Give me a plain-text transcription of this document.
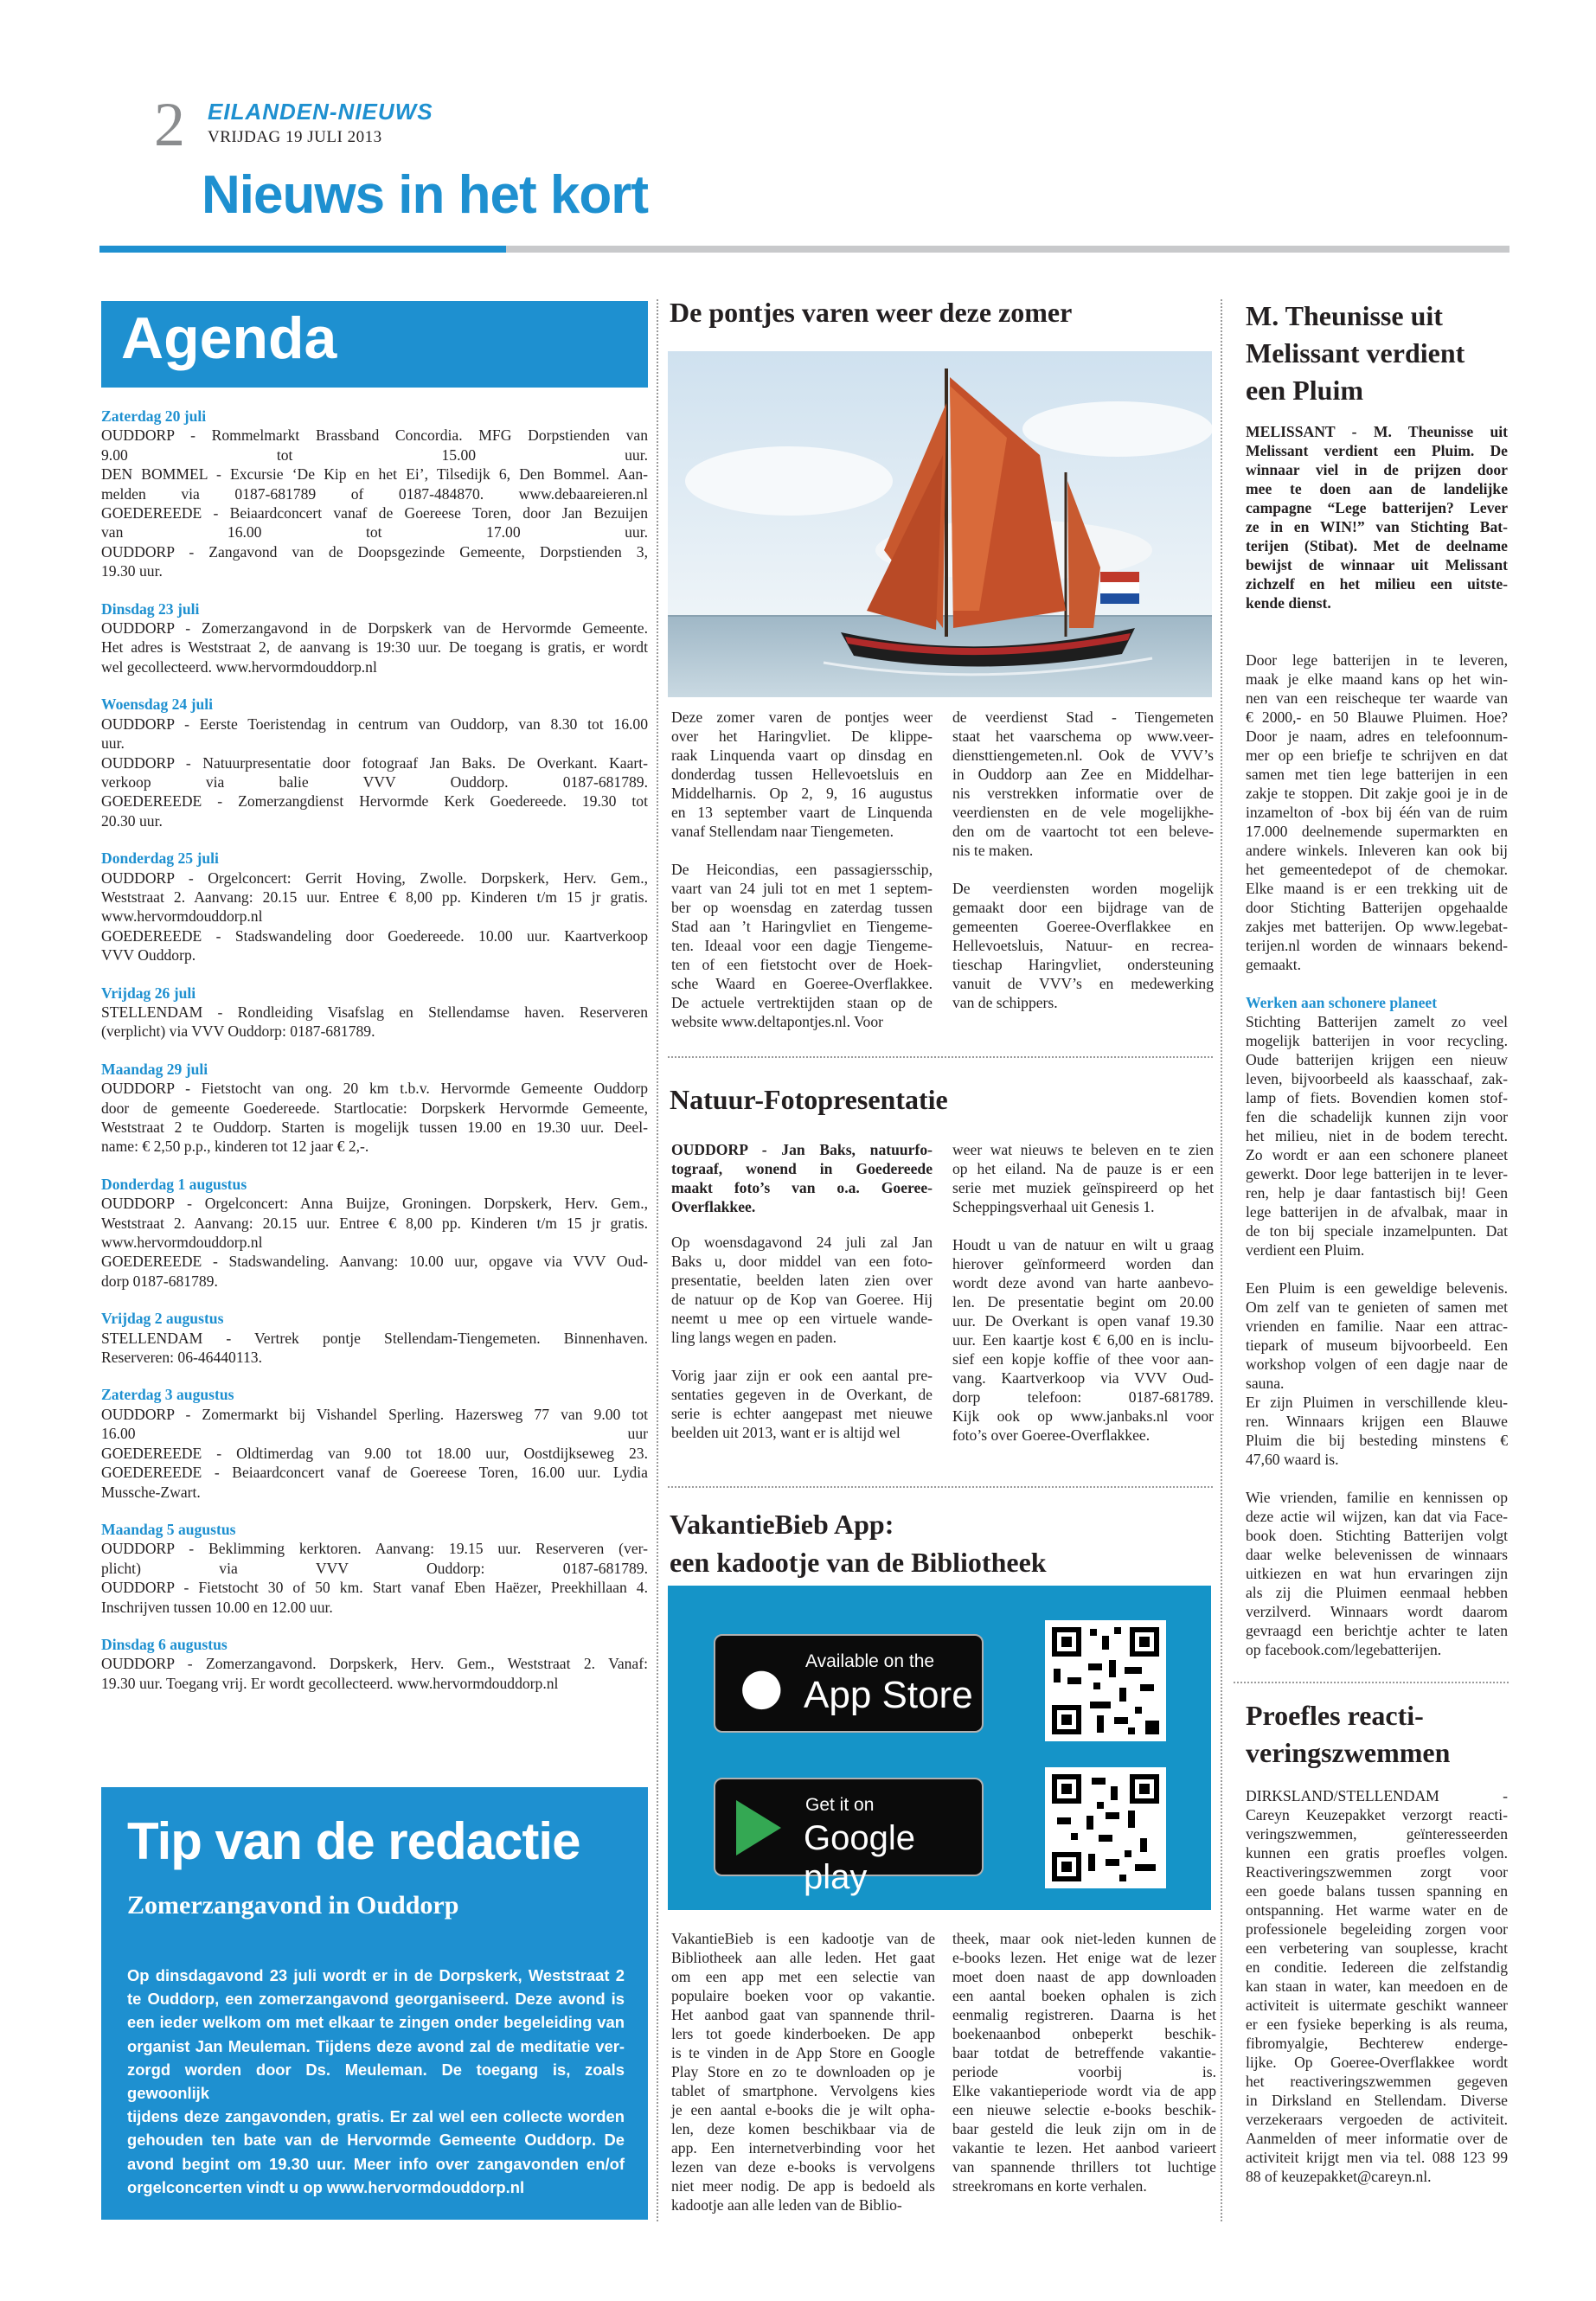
2 EILANDEN-NIEUWS
VRIJDAG 19 JULI 2013
Nieuws in het kort
Agenda
Zaterdag 20 juli
OUDDORP - Rommelmarkt Brassband Concordia. MFG Dorpstienden van
9.00 tot 15.00 uur.
DEN BOMMEL - Excursie ‘De Kip en het Ei’, Tilsedijk 6, Den Bommel. Aan-
melden via 0187-681789 of 0187-484870. www.debaareieren.nl
GOEDEREEDE - Beiaardconcert vanaf de Goereese Toren, door Jan Bezuijen
van 16.00 tot 17.00 uur.
OUDDORP - Zangavond van de Doopsgezinde Gemeente, Dorpstienden 3,
19.30 uur.
Dinsdag 23 juli
OUDDORP - Zomerzangavond in de Dorpskerk van de Hervormde Gemeente.
Het adres is Weststraat 2, de aanvang is 19:30 uur. De toegang is gratis, er wordt
wel gecollecteerd. www.hervormdouddorp.nl
Woensdag 24 juli
OUDDORP - Eerste Toeristendag in centrum van Ouddorp, van 8.30 tot 16.00
uur.
OUDDORP - Natuurpresentatie door fotograaf Jan Baks. De Overkant. Kaart-
verkoop via balie VVV Ouddorp. 0187-681789.
GOEDEREEDE - Zomerzangdienst Hervormde Kerk Goedereede. 19.30 tot
20.30 uur.
Donderdag 25 juli
OUDDORP - Orgelconcert: Gerrit Hoving, Zwolle. Dorpskerk, Herv. Gem.,
Weststraat 2. Aanvang: 20.15 uur. Entree € 8,00 pp. Kinderen t/m 15 jr gratis.
www.hervormdouddorp.nl
GOEDEREEDE - Stadswandeling door Goedereede. 10.00 uur. Kaartverkoop
VVV Ouddorp.
Vrijdag 26 juli
STELLENDAM - Rondleiding Visafslag en Stellendamse haven. Reserveren
(verplicht) via VVV Ouddorp: 0187-681789.
Maandag 29 juli
OUDDORP - Fietstocht van ong. 20 km t.b.v. Hervormde Gemeente Ouddorp
door de gemeente Goedereede. Startlocatie: Dorpskerk Hervormde Gemeente,
Weststraat 2 te Ouddorp. Starten is mogelijk tussen 19.00 en 19.30 uur. Deel-
name: € 2,50 p.p., kinderen tot 12 jaar € 2,-.
Donderdag 1 augustus
OUDDORP - Orgelconcert: Anna Buijze, Groningen. Dorpskerk, Herv. Gem.,
Weststraat 2. Aanvang: 20.15 uur. Entree € 8,00 pp. Kinderen t/m 15 jr gratis.
www.hervormdouddorp.nl
GOEDEREEDE - Stadswandeling. Aanvang: 10.00 uur, opgave via VVV Oud-
dorp 0187-681789.
Vrijdag 2 augustus
STELLENDAM - Vertrek pontje Stellendam-Tiengemeten. Binnenhaven.
Reserveren: 06-46440113.
Zaterdag 3 augustus
OUDDORP - Zomermarkt bij Vishandel Sperling. Hazersweg 77 van 9.00 tot
16.00 uur
GOEDEREEDE - Oldtimerdag van 9.00 tot 18.00 uur, Oostdijkseweg 23.
GOEDEREEDE - Beiaardconcert vanaf de Goereese Toren, 16.00 uur. Lydia
Mussche-Zwart.
Maandag 5 augustus
OUDDORP - Beklimming kerktoren. Aanvang: 19.15 uur. Reserveren (ver-
plicht) via VVV Ouddorp: 0187-681789.
OUDDORP - Fietstocht 30 of 50 km. Start vanaf Eben Haëzer, Preekhillaan 4.
Inschrijven tussen 10.00 en 12.00 uur.
Dinsdag 6 augustus
OUDDORP - Zomerzangavond. Dorpskerk, Herv. Gem., Weststraat 2. Vanaf:
19.30 uur. Toegang vrij. Er wordt gecollecteerd. www.hervormdouddorp.nl
Tip van de redactie
Zomerzangavond in Ouddorp
Op dinsdagavond 23 juli wordt er in de Dorpskerk, Weststraat 2
te Ouddorp, een zomerzangavond georganiseerd. Deze avond is
een ieder welkom om met elkaar te zingen onder begeleiding van
organist Jan Meuleman. Tijdens deze avond zal de meditatie ver-
zorgd worden door Ds. Meuleman. De toegang is, zoals gewoonlijk
tijdens deze zangavonden, gratis. Er zal wel een collecte worden
gehouden ten bate van de Hervormde Gemeente Ouddorp. De
avond begint om 19.30 uur. Meer info over zangavonden en/of
orgelconcerten vindt u op www.hervormdouddorp.nl
De pontjes varen weer deze zomer
Deze zomer varen de pontjes weer
over het Haringvliet. De klippe-
raak Linquenda vaart op dinsdag en
donderdag tussen Hellevoetsluis en
Middelharnis. Op 2, 9, 16 augustus
en 13 september vaart de Linquenda
vanaf Stellendam naar Tiengemeten.
De Heicondias, een passagiersschip,
vaart van 24 juli tot en met 1 septem-
ber op woensdag en zaterdag tussen
Stad aan ’t Haringvliet en Tiengeme-
ten. Ideaal voor een dagje Tiengeme-
ten of een fietstocht over de Hoek-
sche Waard en Goeree-Overflakkee.
De actuele vertrektijden staan op de
website www.deltapontjes.nl. Voor
de veerdienst Stad - Tiengemeten
staat het vaarschema op www.veer-
diensttiengemeten.nl. Ook de VVV’s
in Ouddorp aan Zee en Middelhar-
nis verstrekken informatie over de
veerdiensten en de vele mogelijkhe-
den om de vaartocht tot een beleve-
nis te maken.
De veerdiensten worden mogelijk
gemaakt door een bijdrage van de
gemeenten Goeree-Overflakkee en
Hellevoetsluis, Natuur- en recrea-
tieschap Haringvliet, ondersteuning
vanuit de VVV’s en medewerking
van de schippers.
Natuur-Fotopresentatie
OUDDORP - Jan Baks, natuurfo-
tograaf, wonend in Goedereede
maakt foto’s van o.a. Goeree-
Overflakkee.
Op woensdagavond 24 juli zal Jan
Baks u, door middel van een foto-
presentatie, beelden laten zien over
de natuur op de Kop van Goeree. Hij
neemt u mee op een virtuele wande-
ling langs wegen en paden.
Vorig jaar zijn er ook een aantal pre-
sentaties gegeven in de Overkant, de
serie is echter aangepast met nieuwe
beelden uit 2013, want er is altijd wel
weer wat nieuws te beleven en te zien
op het eiland. Na de pauze is er een
serie met muziek geïnspireerd op het
Scheppingsverhaal uit Genesis 1.
Houdt u van de natuur en wilt u graag
hierover geïnformeerd worden dan
wordt deze avond van harte aanbevo-
len. De presentatie begint om 20.00
uur. De Overkant is open vanaf 19.30
uur. Een kaartje kost € 6,00 en is inclu-
sief een kopje koffie of thee voor aan-
vang. Kaartverkoop via VVV Oud-
dorp telefoon: 0187-681789.
Kijk ook op www.janbaks.nl voor
foto’s over Goeree-Overflakkee.
VakantieBieb App:
een kadootje van de Bibliotheek
● Available on the
App Store
Get it on
Google play
VakantieBieb is een kadootje van de
Bibliotheek aan alle leden. Het gaat
om een app met een selectie van
populaire boeken voor op vakantie.
Het aanbod gaat van spannende thril-
lers tot goede kinderboeken. De app
is te vinden in de App Store en Google
Play Store en zo te downloaden op je
tablet of smartphone. Vervolgens kies
je een aantal e-books die je wilt opha-
len, deze komen beschikbaar via de
app. Een internetverbinding voor het
lezen van deze e-books is vervolgens
niet meer nodig. De app is bedoeld als
kadootje aan alle leden van de Biblio-
theek, maar ook niet-leden kunnen de
e-books lezen. Het enige wat de lezer
moet doen naast de app downloaden
een aantal boeken ophalen is zich
eenmalig registreren. Daarna is het
boekenaanbod onbeperkt beschik-
baar totdat de betreffende vakantie-
periode voorbij is.
Elke vakantieperiode wordt via de app
een nieuwe selectie e-books beschik-
baar gesteld die leuk zijn om in de
vakantie te lezen. Het aanbod varieert
van spannende thrillers tot luchtige
streekromans en korte verhalen.
M. Theunisse uit
Melissant verdient
een Pluim
MELISSANT - M. Theunisse uit
Melissant verdient een Pluim. De
winnaar viel in de prijzen door
mee te doen aan de landelijke
campagne “Lege batterijen? Lever
ze in en WIN!” van Stichting Bat-
terijen (Stibat). Met de deelname
bewijst de winnaar uit Melissant
zichzelf en het milieu een uitste-
kende dienst.
Door lege batterijen in te leveren,
maak je elke maand kans op het win-
nen van een reischeque ter waarde van
€ 2000,- en 50 Blauwe Pluimen. Hoe?
Door je naam, adres en telefoonnum-
mer op een briefje te schrijven en dat
samen met tien lege batterijen in een
zakje te stoppen. Dit zakje gooi je in de
inzamelton of -box bij één van de ruim
17.000 deelnemende supermarkten en
andere winkels. Inleveren kan ook bij
het gemeentedepot of de chemokar.
Elke maand is er een trekking uit de
door Stichting Batterijen opgehaalde
zakjes met batterijen. Op www.legebat-
terijen.nl worden de winnaars bekend-
gemaakt.
Werken aan schonere planeet
Stichting Batterijen zamelt zo veel
mogelijk batterijen in voor recycling.
Oude batterijen krijgen een nieuw
leven, bijvoorbeeld als kaasschaaf, zak-
lamp of fiets. Bovendien komen stof-
fen die schadelijk kunnen zijn voor
het milieu, niet in de bodem terecht.
Zo wordt er aan een schonere planeet
gewerkt. Door lege batterijen in te lever-
ren, help je daar fantastisch bij! Geen
lege batterijen in de afvalbak, maar in
de ton bij speciale inzamelpunten. Dat
verdient een Pluim.
Een Pluim is een geweldige belevenis.
Om zelf van te genieten of samen met
vrienden en familie. Naar een attrac-
tiepark of museum bijvoorbeeld. Een
workshop volgen of een dagje naar de
sauna.
Er zijn Pluimen in verschillende kleu-
ren. Winnaars krijgen een Blauwe
Pluim die bij besteding minstens €
47,60 waard is.
Wie vrienden, familie en kennissen op
deze actie wil wijzen, kan dat via Face-
book doen. Stichting Batterijen volgt
daar welke belevenissen de winnaars
uitkiezen en wat hun ervaringen zijn
als zij die Pluimen eenmaal hebben
verzilverd. Winnaars wordt daarom
gevraagd een berichtje achter te laten
op facebook.com/legebatterijen.
Proefles reacti-
veringszwemmen
DIRKSLAND/STELLENDAM -
Careyn Keuzepakket verzorgt reacti-
veringszwemmen, geïnteresseerden
kunnen een gratis proefles volgen.
Reactiveringszwemmen zorgt voor
een goede balans tussen spanning en
ontspanning. Het warme water en de
professionele begeleiding zorgen voor
een verbetering van souplesse, kracht
en conditie. Iedereen die zelfstandig
kan staan in water, kan meedoen en de
activiteit is uitermate geschikt wanneer
er een fysieke beperking is als reuma,
fibromyalgie, Bechterew enderge-
lijke. Op Goeree-Overflakkee wordt
het reactiveringszwemmen gegeven
in Dirksland en Stellendam. Diverse
verzekeraars vergoeden de activiteit.
Aanmelden of meer informatie over de
activiteit krijgt men via tel. 088 123 99
88 of keuzepakket@careyn.nl.
